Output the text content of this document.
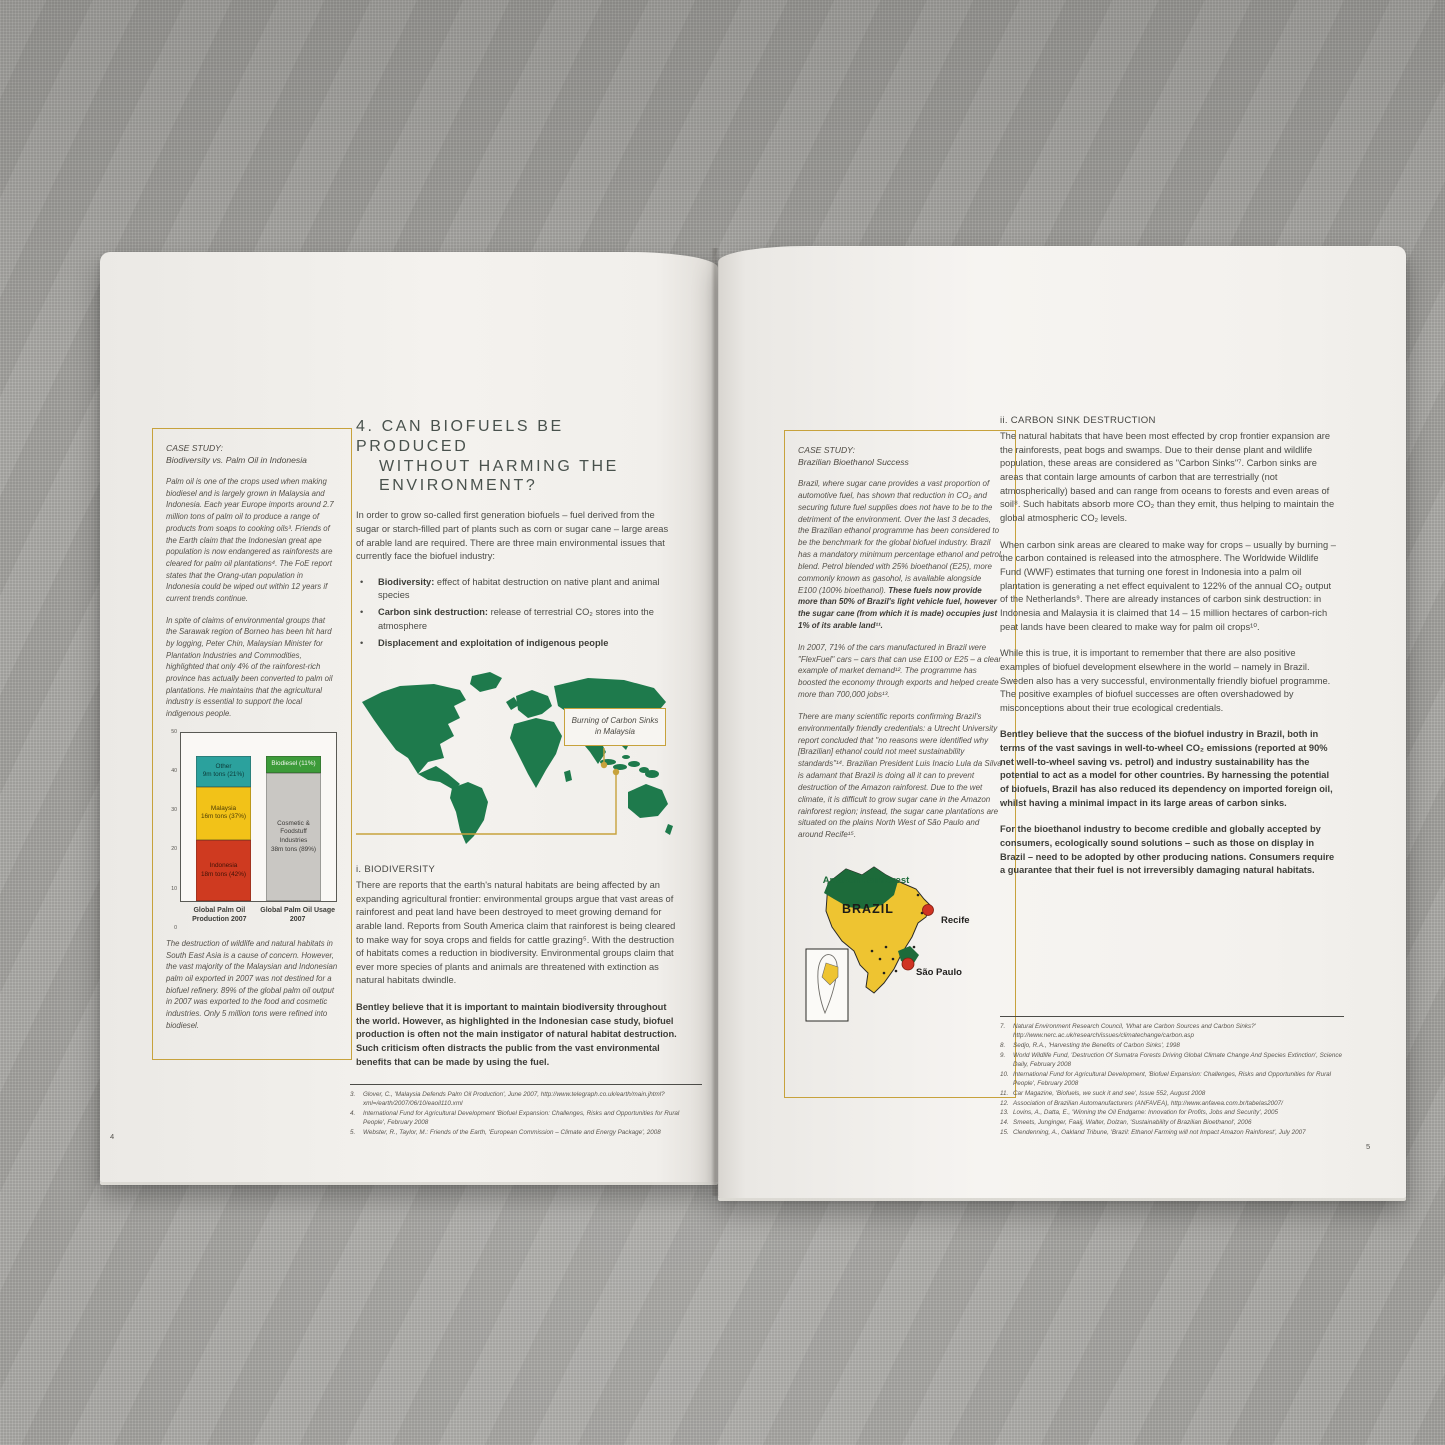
CASE STUDY:
Biodiversity vs. Palm Oil in Indonesia

Palm oil is one of the crops used when making biodiesel and is largely grown in Malaysia and Indonesia. Each year Europe imports around 2.7 million tons of palm oil to produce a range of products from soaps to cooking oils³. Friends of the Earth claim that the Indonesian great ape population is now endangered as rainforests are cleared for palm oil plantations⁴. The FoE report states that the Orang-utan population in Indonesia could be wiped out within 12 years if current trends continue.

In spite of claims of environmental groups that the Sarawak region of Borneo has been hit hard by logging, Peter Chin, Malaysian Minister for Plantation Industries and Commodities, highlighted that only 4% of the rainforest-rich province has actually been converted to palm oil plantations. He maintains that the agricultural industry is essential to support the local indigenous people.

50
40
30
20
10
0
Indonesia
18m tons (42%)
Malaysia
16m tons (37%)
Other
9m tons (21%)
Cosmetic & Foodstuff Industries
38m tons (89%)
Biodiesel (11%)
Global Palm Oil Production 2007
Global Palm Oil Usage 2007

The destruction of wildlife and natural habitats in South East Asia is a cause of concern. However, the vast majority of the Malaysian and Indonesian palm oil exported in 2007 was not destined for a biofuel refinery. 89% of the global palm oil output in 2007 was exported to the food and cosmetic industries. Only 5 million tons were refined into biodiesel.

4. CAN BIOFUELS BE PRODUCED
WITHOUT HARMING THE
ENVIRONMENT?

In order to grow so-called first generation biofuels – fuel derived from the sugar or starch-filled part of plants such as corn or sugar cane – large areas of arable land are required. There are three main environmental issues that currently face the biofuel industry:

• Biodiversity: effect of habitat destruction on native plant and animal species
• Carbon sink destruction: release of terrestrial CO₂ stores into the atmosphere
• Displacement and exploitation of indigenous people
Burning of Carbon Sinks
in Malaysia
i. BIODIVERSITY

There are reports that the earth's natural habitats are being affected by an expanding agricultural frontier: environmental groups argue that vast areas of rainforest and peat land have been destroyed to meet growing demand for arable land. Reports from South America claim that rainforest is being cleared to make way for soya crops and fields for cattle grazing⁵. With the destruction of habitats comes a reduction in biodiversity. Environmental groups claim that ever more species of plants and animals are threatened with extinction as natural habitats dwindle.

Bentley believe that it is important to maintain biodiversity throughout the world. However, as highlighted in the Indonesian case study, biofuel production is often not the main instigator of natural habitat destruction. Such criticism often distracts the public from the vast environmental benefits that can be made by using the fuel.

3.	Glover, C., 'Malaysia Defends Palm Oil Production', June 2007, http://www.telegraph.co.uk/earth/main.jhtml?xml=/earth/2007/06/10/eaoil110.xml
4.	International Fund for Agricultural Development 'Biofuel Expansion: Challenges, Risks and Opportunities for Rural People', February 2008
5.	Webster, R., Taylor, M.: Friends of the Earth, 'European Commission – Climate and Energy Package', 2008
4
CASE STUDY:
Brazilian Bioethanol Success

Brazil, where sugar cane provides a vast proportion of automotive fuel, has shown that reduction in CO₂ and securing future fuel supplies does not have to be to the detriment of the environment. Over the last 3 decades, the Brazilian ethanol programme has been considered to be the benchmark for the global biofuel industry. Brazil has a mandatory minimum percentage ethanol and petrol blend. Petrol blended with 25% bioethanol (E25), more commonly known as gasohol, is available alongside E100 (100% bioethanol). These fuels now provide more than 50% of Brazil's light vehicle fuel, however the sugar cane (from which it is made) occupies just 1% of its arable land¹¹.

In 2007, 71% of the cars manufactured in Brazil were "FlexFuel" cars – cars that can use E100 or E25 – a clear example of market demand¹². The programme has boosted the economy through exports and helped create more than 700,000 jobs¹³.

There are many scientific reports confirming Brazil's environmentally friendly credentials: a Utrecht University report concluded that "no reasons were identified why [Brazilian] ethanol could not meet sustainability standards"¹⁴. Brazilian President Luis Inacio Lula da Silva is adamant that Brazil is doing all it can to prevent destruction of the Amazon rainforest. Due to the wet climate, it is difficult to grow sugar cane in the Amazon rainforest region; instead, the sugar cane plantations are situated on the plains North West of São Paulo and around Recife¹⁵.

Amazon Rainforest
BRAZIL
Recife
São Paulo
ii. CARBON SINK DESTRUCTION

The natural habitats that have been most effected by crop frontier expansion are the rainforests, peat bogs and swamps. Due to their dense plant and wildlife population, these areas are considered as "Carbon Sinks"⁷. Carbon sinks are areas that contain large amounts of carbon that are terrestrially (not atmospherically) based and can range from oceans to forests and even areas of soil⁸. Such habitats absorb more CO₂ than they emit, thus helping to maintain the global atmospheric CO₂ levels.

When carbon sink areas are cleared to make way for crops – usually by burning – the carbon contained is released into the atmosphere. The Worldwide Wildlife Fund (WWF) estimates that turning one forest in Indonesia into a palm oil plantation is generating a net effect equivalent to 122% of the annual CO₂ output of the Netherlands⁹. There are already instances of carbon sink destruction: in Indonesia and Malaysia it is claimed that 14 – 15 million hectares of carbon-rich peat lands have been cleared to make way for palm oil crops¹⁰.

While this is true, it is important to remember that there are also positive examples of biofuel development elsewhere in the world – namely in Brazil. Sweden also has a very successful, environmentally friendly biofuel programme. The positive examples of biofuel successes are often overshadowed by misconceptions about their true ecological credentials.

Bentley believe that the success of the biofuel industry in Brazil, both in terms of the vast savings in well-to-wheel CO₂ emissions (reported at 90% net well-to-wheel saving vs. petrol) and industry sustainability has the potential to act as a model for other countries. By harnessing the potential of biofuels, Brazil has also reduced its dependency on imported foreign oil, whilst having a minimal impact in its large areas of carbon sinks.

For the bioethanol industry to become credible and globally accepted by consumers, ecologically sound solutions – such as those on display in Brazil – need to be adopted by other producing nations. Consumers require a guarantee that their fuel is not irreversibly damaging natural habitats.

7.	Natural Environment Research Council, 'What are Carbon Sources and Carbon Sinks?' http://www.nerc.ac.uk/research/issues/climatechange/carbon.asp
8.	Sedjo, R.A., 'Harvesting the Benefits of Carbon Sinks', 1998
9.	World Wildlife Fund, 'Destruction Of Sumatra Forests Driving Global Climate Change And Species Extinction', Science Daily, February 2008
10. International Fund for Agricultural Development, 'Biofuel Expansion: Challenges, Risks and Opportunities for Rural People', February 2008
11. Car Magazine, 'Biofuels, we suck it and see', Issue 552, August 2008
12. Association of Brazilian Automanufacturers (ANFAVEA), http://www.anfavea.com.br/tabelas2007/
13. Lovins, A., Datta, E., 'Winning the Oil Endgame: Innovation for Profits, Jobs and Security', 2005
14. Smeets, Junginger, Faaij, Walter, Dolzan, 'Sustainability of Brazilian Bioethanol', 2006
15. Clendenning, A., Oakland Tribune, 'Brazil: Ethanol Farming will not Impact Amazon Rainforest', July 2007
5
